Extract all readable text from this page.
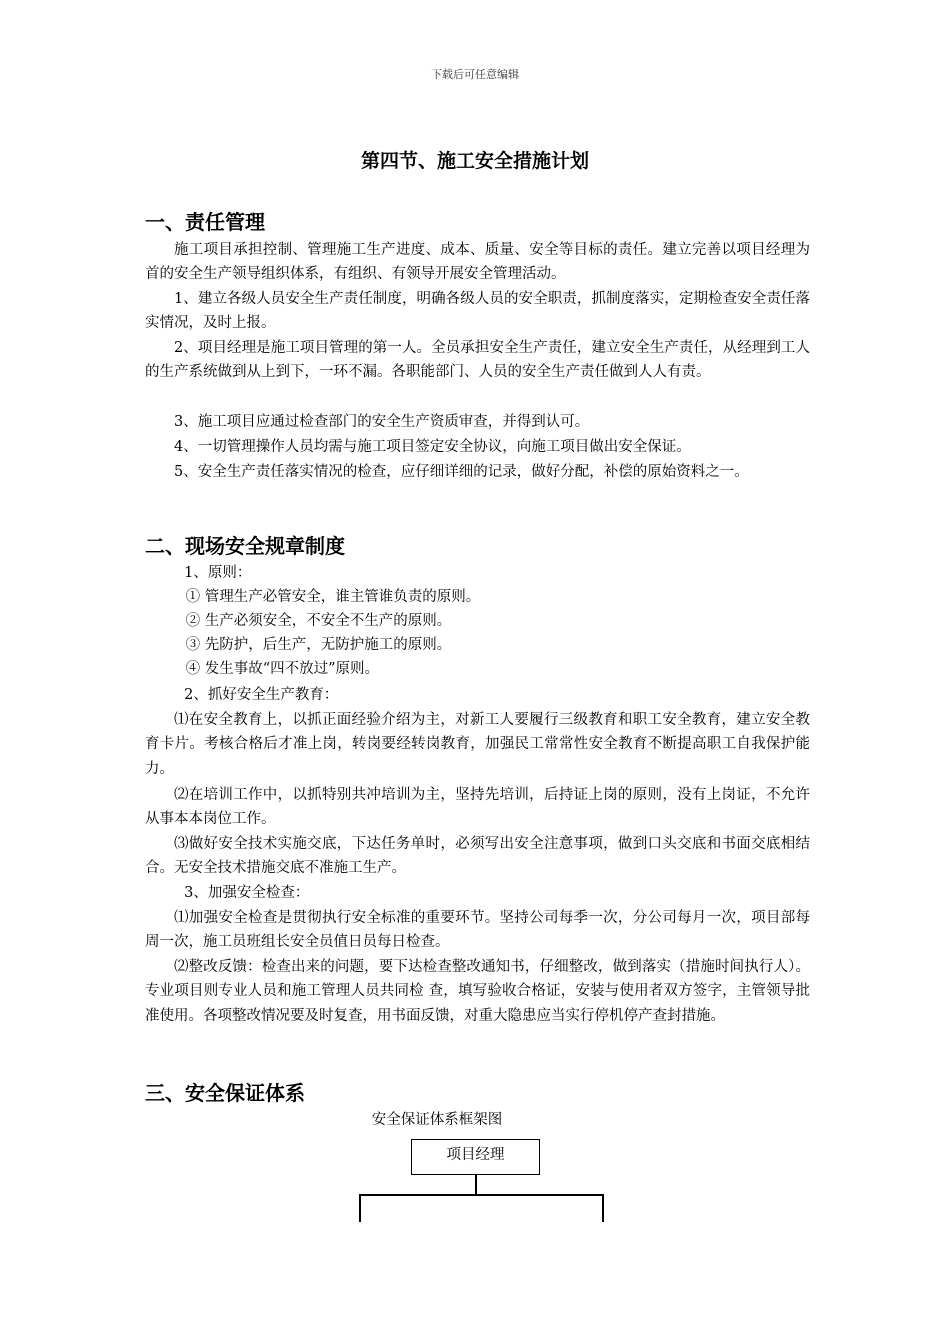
下载后可任意编辑
第四节、施工安全措施计划
一、责任管理
施工项目承担控制、管理施工生产进度、成本、质量、安全等目标的责任。建立完善以项目经理为首的安全生产领导组织体系，有组织、有领导开展安全管理活动。
1、建立各级人员安全生产责任制度，明确各级人员的安全职责，抓制度落实，定期检查安全责任落实情况，及时上报。
2、项目经理是施工项目管理的第一人。全员承担安全生产责任，建立安全生产责任，从经理到工人的生产系统做到从上到下，一环不漏。各职能部门、人员的安全生产责任做到人人有责。
3、施工项目应通过检查部门的安全生产资质审查，并得到认可。
4、一切管理操作人员均需与施工项目签定安全协议，向施工项目做出安全保证。
5、安全生产责任落实情况的检查，应仔细详细的记录，做好分配，补偿的原始资料之一。
二、现场安全规章制度
1、原则：
① 管理生产必管安全，谁主管谁负责的原则。
② 生产必须安全，不安全不生产的原则。
③ 先防护，后生产，无防护施工的原则。
④ 发生事故“四不放过”原则。
2、抓好安全生产教育：
⑴在安全教育上，以抓正面经验介绍为主，对新工人要履行三级教育和职工安全教育，建立安全教育卡片。考核合格后才准上岗，转岗要经转岗教育，加强民工常常性安全教育不断提高职工自我保护能力。
⑵在培训工作中，以抓特别共冲培训为主，坚持先培训，后持证上岗的原则，没有上岗证，不允许从事本本岗位工作。
⑶做好安全技术实施交底，下达任务单时，必须写出安全注意事项，做到口头交底和书面交底相结合。无安全技术措施交底不准施工生产。
3、加强安全检查：
⑴加强安全检查是贯彻执行安全标准的重要环节。坚持公司每季一次，分公司每月一次，项目部每周一次，施工员班组长安全员值日员每日检查。
⑵整改反馈：检查出来的问题，要下达检查整改通知书，仔细整改，做到落实（措施时间执行人）。专业项目则专业人员和施工管理人员共同检 查，填写验收合格证，安装与使用者双方签字，主管领导批准使用。各项整改情况要及时复查，用书面反馈，对重大隐患应当实行停机停产查封措施。
三、安全保证体系
安全保证体系框架图
项目经理
